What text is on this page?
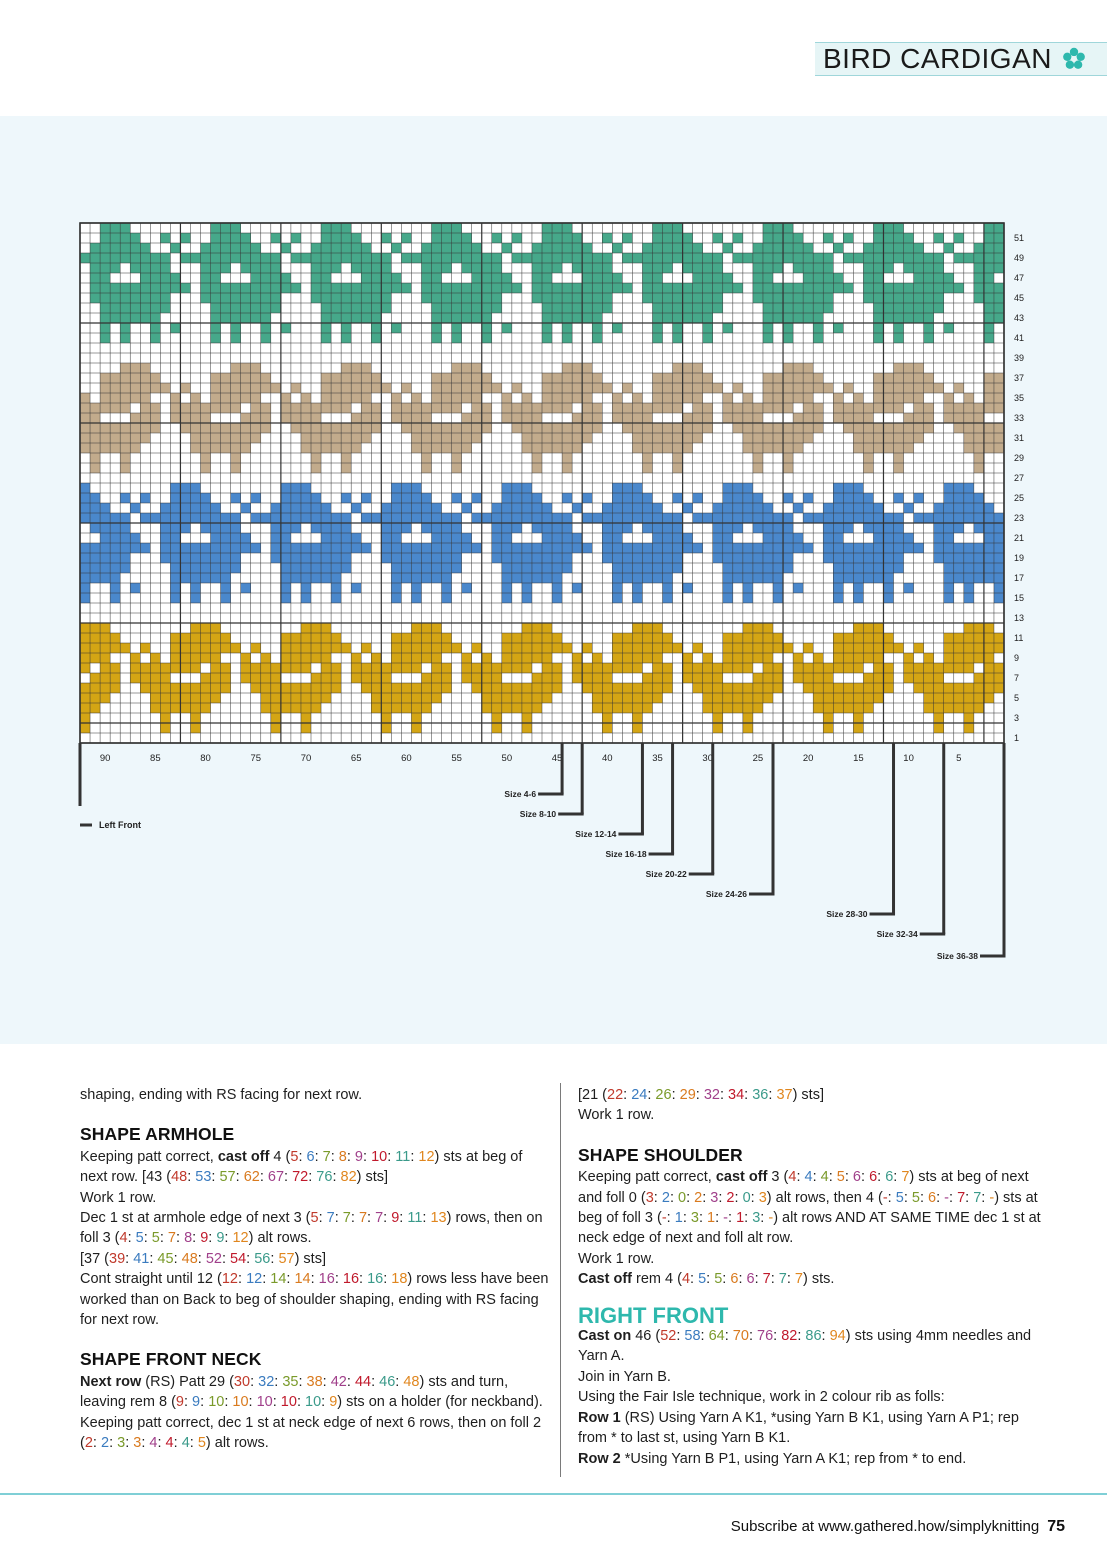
BIRD CARDIGAN
51
49
47
45
43
41
39
37
35
33
31
29
27
25
23
21
19
17
15
13
11
9
7
5
3
1
90	85	80	75	70	65	60	55	50	45	40	35	30	25	20	15	10	5
Size 4-6
Size 8-10
Size 12-14
Size 16-18
Size 20-22
Size 24-26
Size 28-30
Size 32-34
Size 36-38
Left Front

shaping, ending with RS facing for next row.

SHAPE ARMHOLE

Keeping patt correct, cast off 4 (5: 6: 7: 8: 9: 10: 11: 12) sts at beg of next row. [43 (48: 53: 57: 62: 67: 72: 76: 82) sts]

Work 1 row.

Dec 1 st at armhole edge of next 3 (5: 7: 7: 7: 7: 9: 11: 13) rows, then on foll 3 (4: 5: 5: 7: 8: 9: 9: 12) alt rows.

[37 (39: 41: 45: 48: 52: 54: 56: 57) sts]

Cont straight until 12 (12: 12: 14: 14: 16: 16: 16: 18) rows less have been worked than on Back to beg of shoulder shaping, ending with RS facing for next row.

SHAPE FRONT NECK

Next row (RS) Patt 29 (30: 32: 35: 38: 42: 44: 46: 48) sts and turn, leaving rem 8 (9: 9: 10: 10: 10: 10: 10: 9) sts on a holder (for neckband).

Keeping patt correct, dec 1 st at neck edge of next 6 rows, then on foll 2 (2: 2: 3: 3: 4: 4: 4: 5) alt rows.

[21 (22: 24: 26: 29: 32: 34: 36: 37) sts]

Work 1 row.

SHAPE SHOULDER

Keeping patt correct, cast off 3 (4: 4: 4: 5: 6: 6: 6: 7) sts at beg of next and foll 0 (3: 2: 0: 2: 3: 2: 0: 3) alt rows, then 4 (-: 5: 5: 6: -: 7: 7: -) sts at beg of foll 3 (-: 1: 3: 1: -: 1: 3: -) alt rows AND AT SAME TIME dec 1 st at neck edge of next and foll alt row.

Work 1 row.

Cast off rem 4 (4: 5: 5: 6: 6: 7: 7: 7) sts.

RIGHT FRONT

Cast on 46 (52: 58: 64: 70: 76: 82: 86: 94) sts using 4mm needles and Yarn A.

Join in Yarn B.

Using the Fair Isle technique, work in 2 colour rib as folls:

Row 1 (RS) Using Yarn A K1, *using Yarn B K1, using Yarn A P1; rep from * to last st, using Yarn B K1.

Row 2 *Using Yarn B P1, using Yarn A K1; rep from * to end.

Subscribe at www.gathered.how/simplyknitting 75
